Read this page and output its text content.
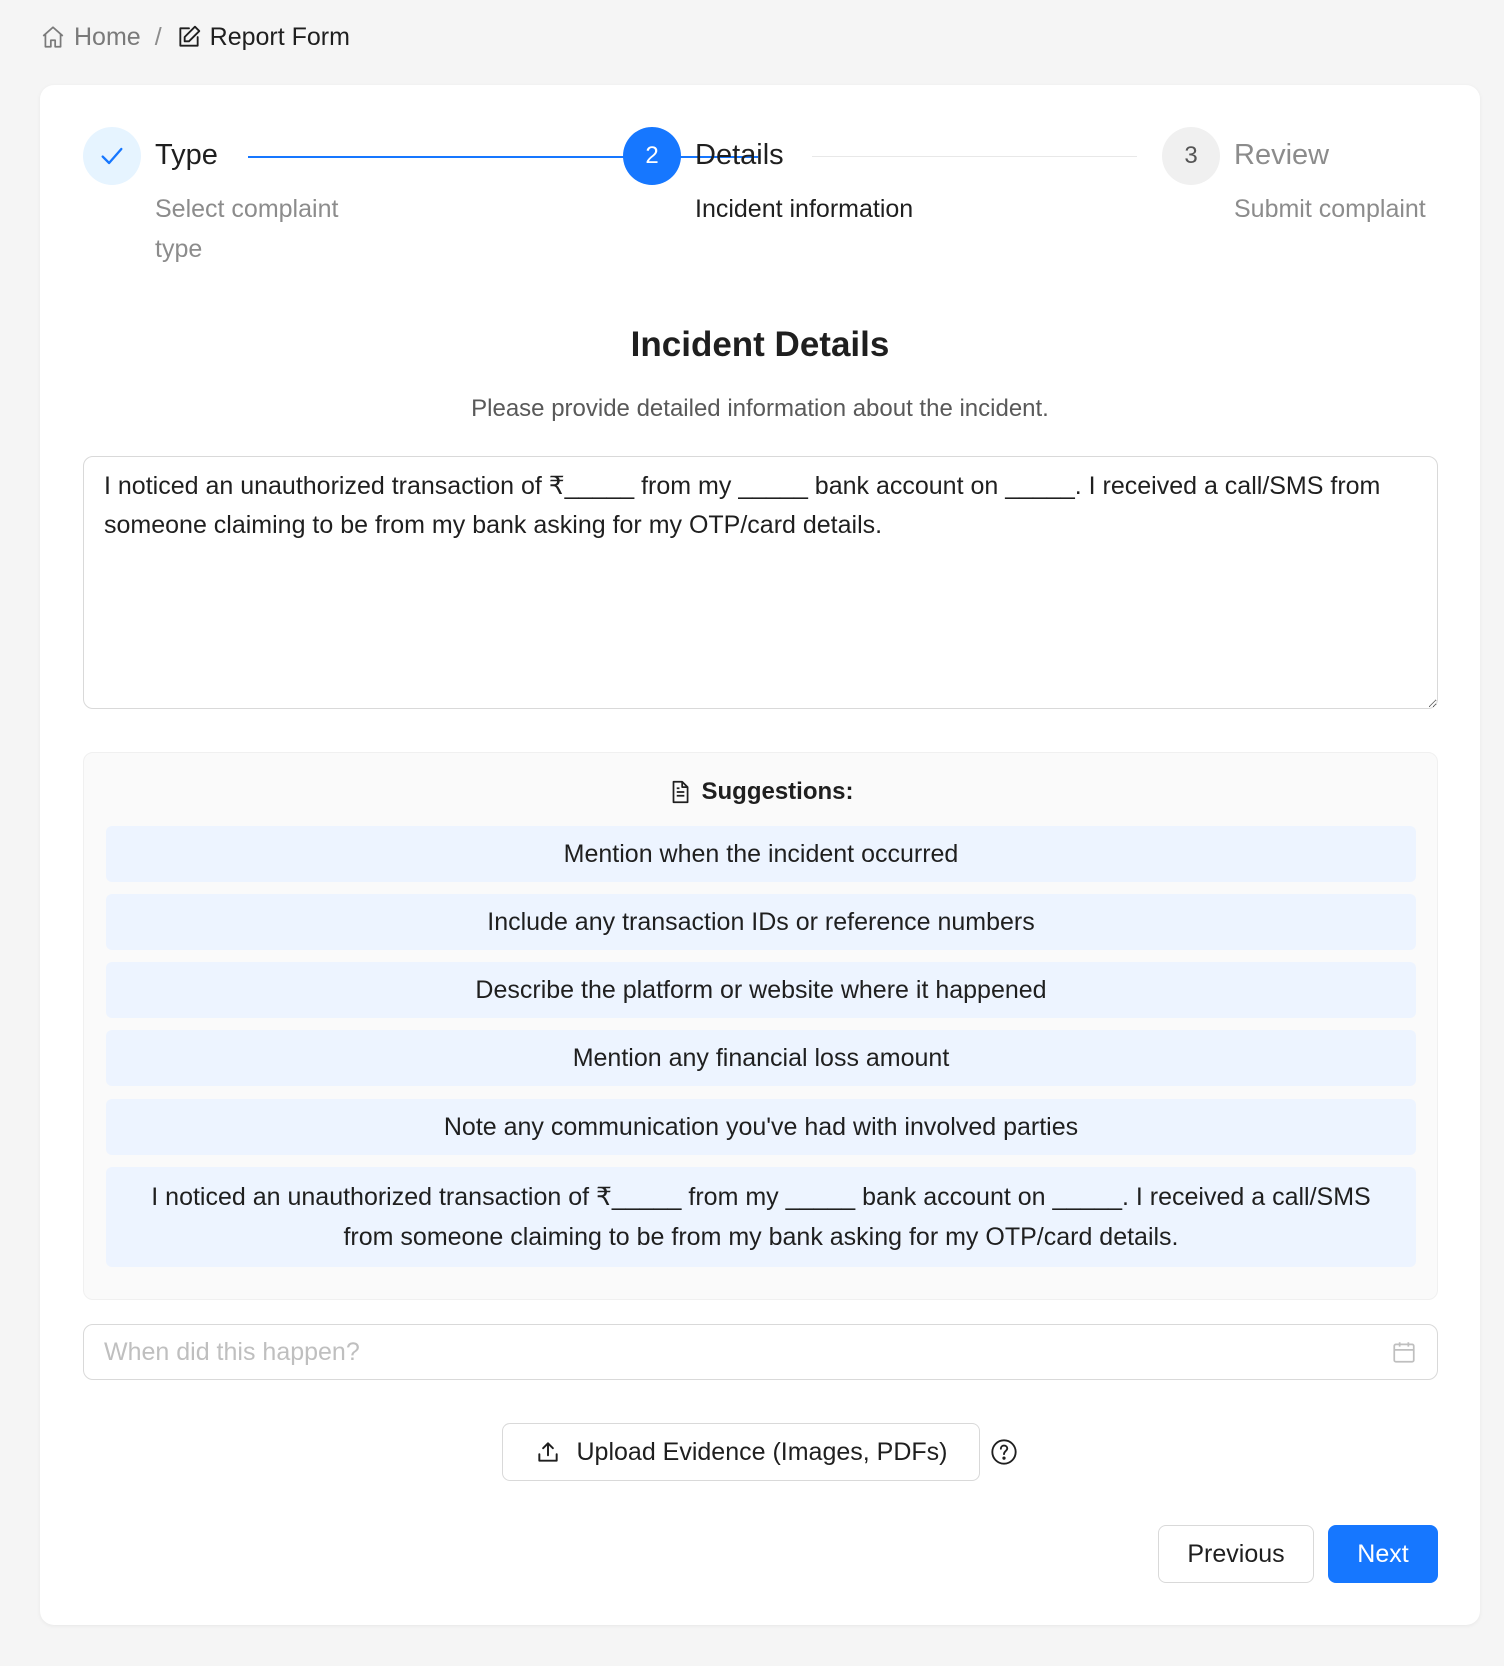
Home / Report Form
Type
Select complaint type
2	Details
Incident information
3	Review
Submit complaint
Incident Details
Please provide detailed information about the incident.
I noticed an unauthorized transaction of ₹_____ from my _____ bank account on _____. I received a call/SMS from someone claiming to be from my bank asking for my OTP/card details.
Suggestions:
Mention when the incident occurred
Include any transaction IDs or reference numbers
Describe the platform or website where it happened
Mention any financial loss amount
Note any communication you've had with involved parties
I noticed an unauthorized transaction of ₹_____ from my _____ bank account on _____. I received a call/SMS from someone claiming to be from my bank asking for my OTP/card details.
When did this happen?
Upload Evidence (Images, PDFs)
Previous	Next
